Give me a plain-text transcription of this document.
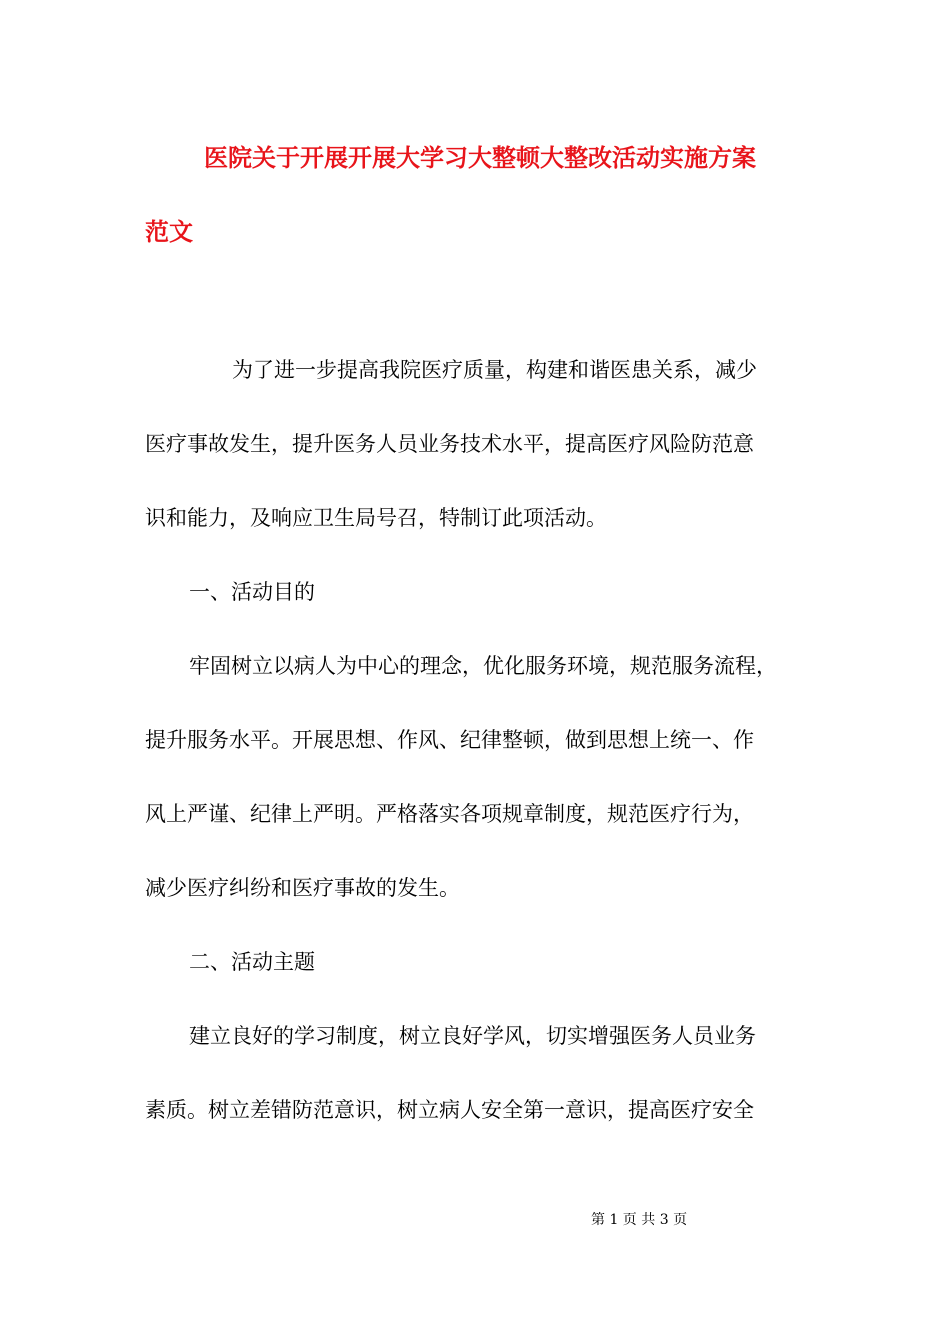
医院关于开展开展大学习大整顿大整改活动实施方案
范文
为了进一步提高我院医疗质量，构建和谐医患关系，减少
医疗事故发生，提升医务人员业务技术水平，提高医疗风险防范意
识和能力，及响应卫生局号召，特制订此项活动。
一、活动目的
牢固树立以病人为中心的理念，优化服务环境，规范服务流程，
提升服务水平。开展思想、作风、纪律整顿，做到思想上统一、作
风上严谨、纪律上严明。严格落实各项规章制度，规范医疗行为，
减少医疗纠纷和医疗事故的发生。
二、活动主题
建立良好的学习制度，树立良好学风，切实增强医务人员业务
素质。树立差错防范意识，树立病人安全第一意识，提高医疗安全
第 1 页 共 3 页
